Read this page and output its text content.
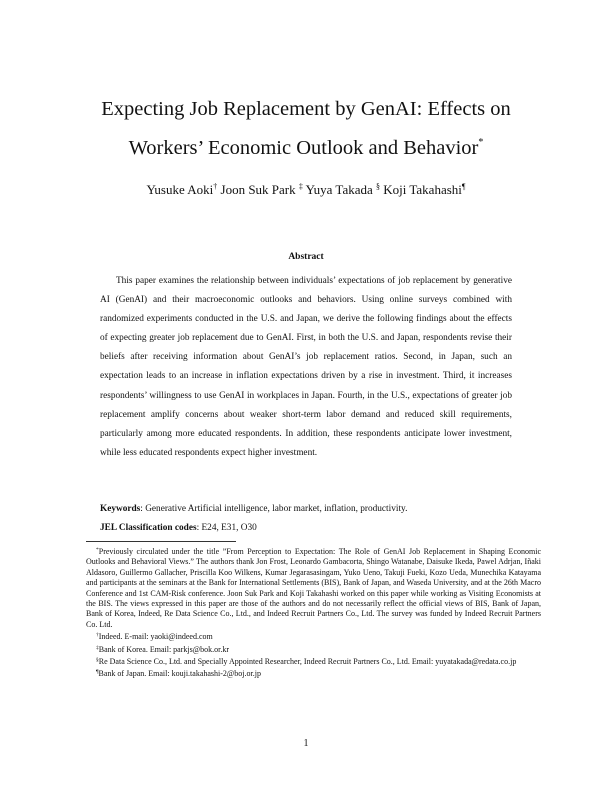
Expecting Job Replacement by GenAI: Effects on
Workers’ Economic Outlook and Behavior*
Yusuke Aoki† Joon Suk Park ‡ Yuya Takada § Koji Takahashi¶
Abstract

This paper examines the relationship between individuals’ expectations of job replacement by generative AI (GenAI) and their macroeconomic outlooks and behaviors. Using online surveys combined with randomized experiments conducted in the U.S. and Japan, we derive the following findings about the effects of expecting greater job replacement due to GenAI. First, in both the U.S. and Japan, respondents revise their beliefs after receiving information about GenAI’s job replacement ratios. Second, in Japan, such an expectation leads to an increase in inflation expectations driven by a rise in investment. Third, it increases respondents’ willingness to use GenAI in workplaces in Japan. Fourth, in the U.S., expectations of greater job replacement amplify concerns about weaker short-term labor demand and reduced skill requirements, particularly among more educated respondents. In addition, these respondents anticipate lower investment, while less educated respondents expect higher investment.

Keywords: Generative Artificial intelligence, labor market, inflation, productivity.
JEL Classification codes: E24, E31, O30

*Previously circulated under the title ”From Perception to Expectation: The Role of GenAI Job Replacement in Shaping Economic Outlooks and Behavioral Views.” The authors thank Jon Frost, Leonardo Gambacorta, Shingo Watanabe, Daisuke Ikeda, Pawel Adrjan, Iñaki Aldasoro, Guillermo Gallacher, Priscilla Koo Wilkens, Kumar Jegarasasingam, Yuko Ueno, Takuji Fueki, Kozo Ueda, Munechika Katayama and participants at the seminars at the Bank for International Settlements (BIS), Bank of Japan, and Waseda University, and at the 26th Macro Conference and 1st CAM-Risk conference. Joon Suk Park and Koji Takahashi worked on this paper while working as Visiting Economists at the BIS. The views expressed in this paper are those of the authors and do not necessarily reflect the official views of BIS, Bank of Japan, Bank of Korea, Indeed, Re Data Science Co., Ltd., and Indeed Recruit Partners Co., Ltd. The survey was funded by Indeed Recruit Partners Co. Ltd.

†Indeed. E-mail: yaoki@indeed.com

‡Bank of Korea. Email: parkjs@bok.or.kr

§Re Data Science Co., Ltd. and Specially Appointed Researcher, Indeed Recruit Partners Co., Ltd. Email: yuyatakada@redata.co.jp

¶Bank of Japan. Email: kouji.takahashi-2@boj.or.jp

1
